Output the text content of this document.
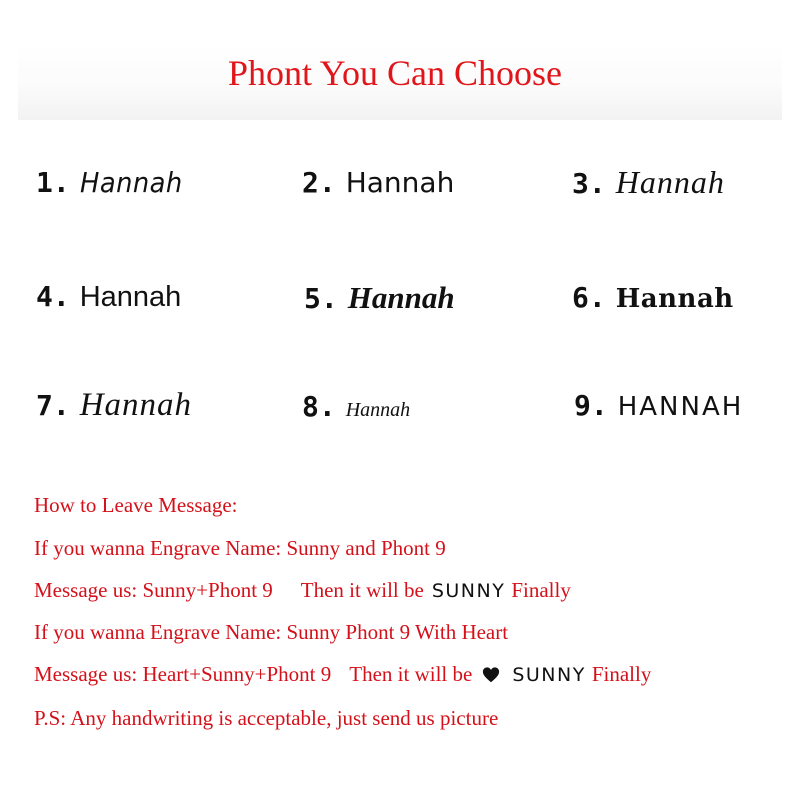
Phont You Can Choose
1. Hannah	2. Hannah	3. Hannah
4. Hannah	5. Hannah	6. Hannah
7. Hannah	8. Hannah	9. HANNAH
How to Leave Message:
If you wanna Engrave Name: Sunny and Phont 9
Message us: Sunny+Phont 9 Then it will be SUNNY Finally
If you wanna Engrave Name: Sunny Phont 9 With Heart
Message us: Heart+Sunny+Phont 9 Then it will be SUNNY Finally
P.S: Any handwriting is acceptable, just send us picture
